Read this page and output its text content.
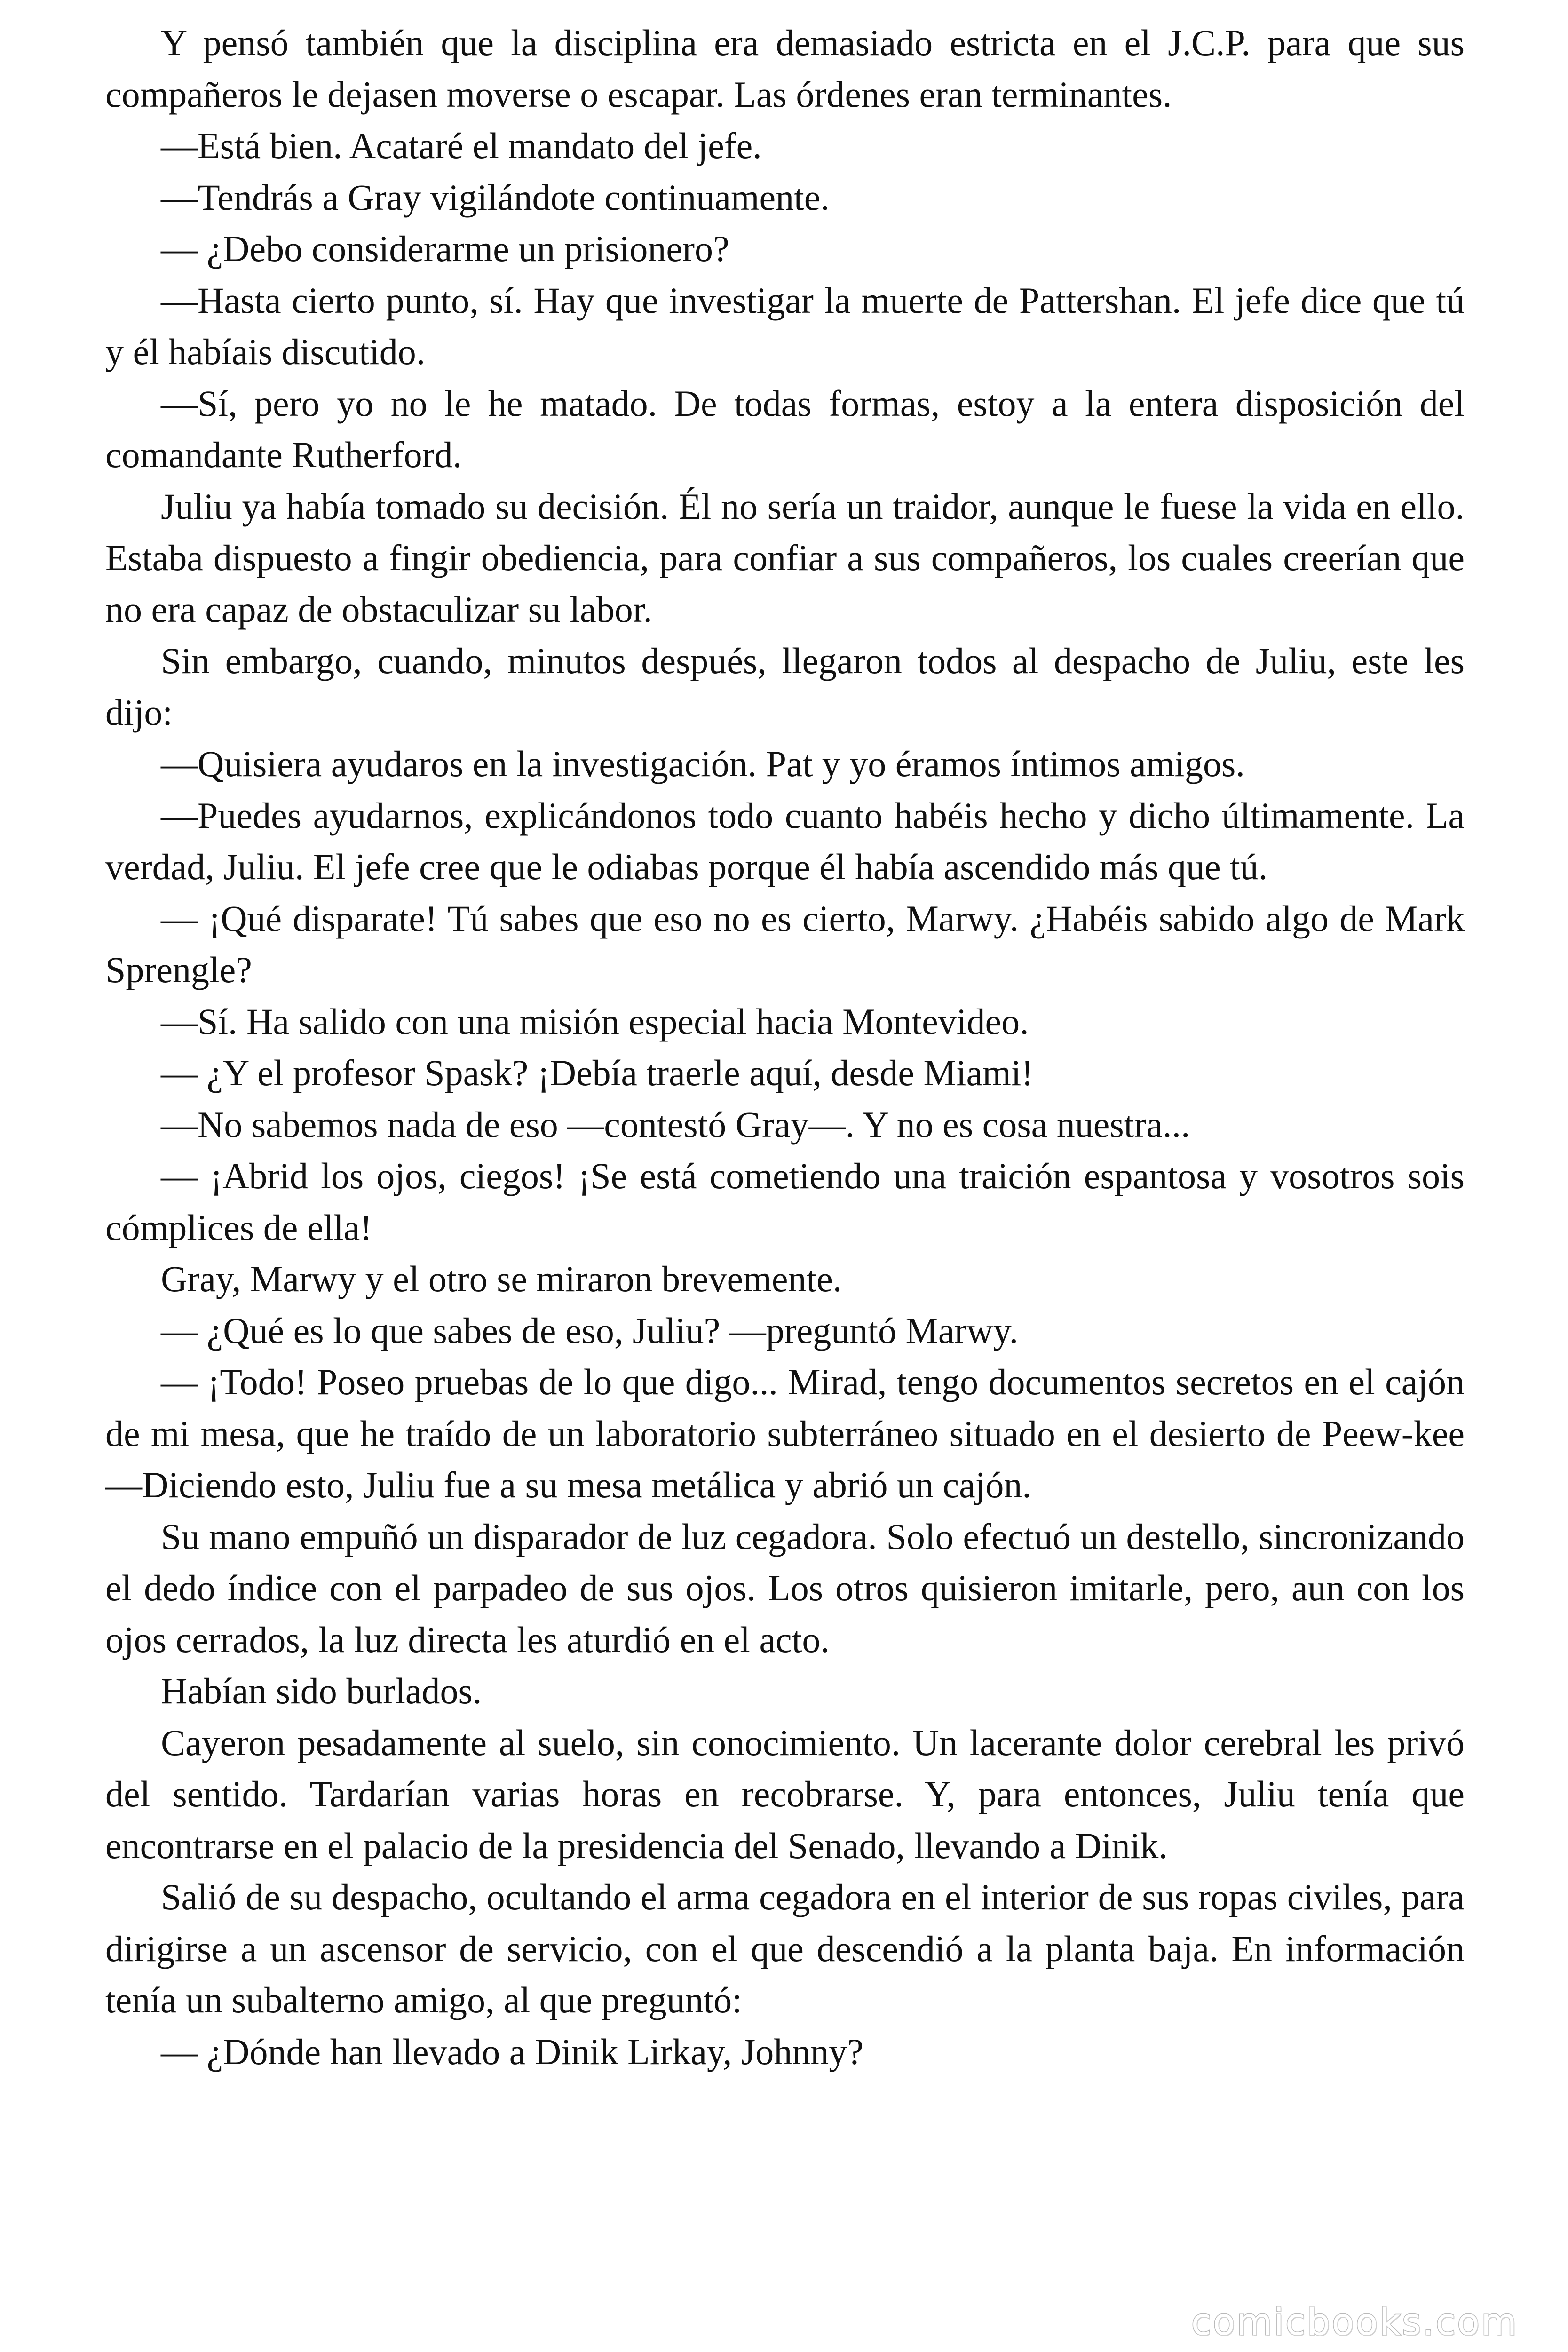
Y pensó también que la disciplina era demasiado estricta en el J.C.P. para que sus compañeros le dejasen moverse o escapar. Las órdenes eran terminantes.

—Está bien. Acataré el mandato del jefe.

—Tendrás a Gray vigilándote continuamente.

— ¿Debo considerarme un prisionero?

—Hasta cierto punto, sí. Hay que investigar la muerte de Pattershan. El jefe dice que tú y él habíais discutido.

—Sí, pero yo no le he matado. De todas formas, estoy a la entera disposición del comandante Rutherford.

Juliu ya había tomado su decisión. Él no sería un traidor, aunque le fuese la vida en ello. Estaba dispuesto a fingir obediencia, para confiar a sus compañeros, los cuales creerían que no era capaz de obstaculizar su labor.

Sin embargo, cuando, minutos después, llegaron todos al despacho de Juliu, este les dijo:

—Quisiera ayudaros en la investigación. Pat y yo éramos íntimos amigos.

—Puedes ayudarnos, explicándonos todo cuanto habéis hecho y dicho últimamente. La verdad, Juliu. El jefe cree que le odiabas porque él había ascendido más que tú.

— ¡Qué disparate! Tú sabes que eso no es cierto, Marwy. ¿Habéis sabido algo de Mark Sprengle?

—Sí. Ha salido con una misión especial hacia Montevideo.

— ¿Y el profesor Spask? ¡Debía traerle aquí, desde Miami!

—No sabemos nada de eso —contestó Gray—. Y no es cosa nuestra...

— ¡Abrid los ojos, ciegos! ¡Se está cometiendo una traición espantosa y vosotros sois cómplices de ella!

Gray, Marwy y el otro se miraron brevemente.

— ¿Qué es lo que sabes de eso, Juliu? —preguntó Marwy.

— ¡Todo! Poseo pruebas de lo que digo... Mirad, tengo documentos secretos en el cajón de mi mesa, que he traído de un laboratorio subterráneo situado en el desierto de Peew-kee —Diciendo esto, Juliu fue a su mesa metálica y abrió un cajón.

Su mano empuñó un disparador de luz cegadora. Solo efectuó un destello, sincronizando el dedo índice con el parpadeo de sus ojos. Los otros quisieron imitarle, pero, aun con los ojos cerrados, la luz directa les aturdió en el acto.

Habían sido burlados.

Cayeron pesadamente al suelo, sin conocimiento. Un lacerante dolor cerebral les privó del sentido. Tardarían varias horas en recobrarse. Y, para entonces, Juliu tenía que encontrarse en el palacio de la presidencia del Senado, llevando a Dinik.

Salió de su despacho, ocultando el arma cegadora en el interior de sus ropas civiles, para dirigirse a un ascensor de servicio, con el que descendió a la planta baja. En información tenía un subalterno amigo, al que preguntó:

— ¿Dónde han llevado a Dinik Lirkay, Johnny?

comicbooks.com
